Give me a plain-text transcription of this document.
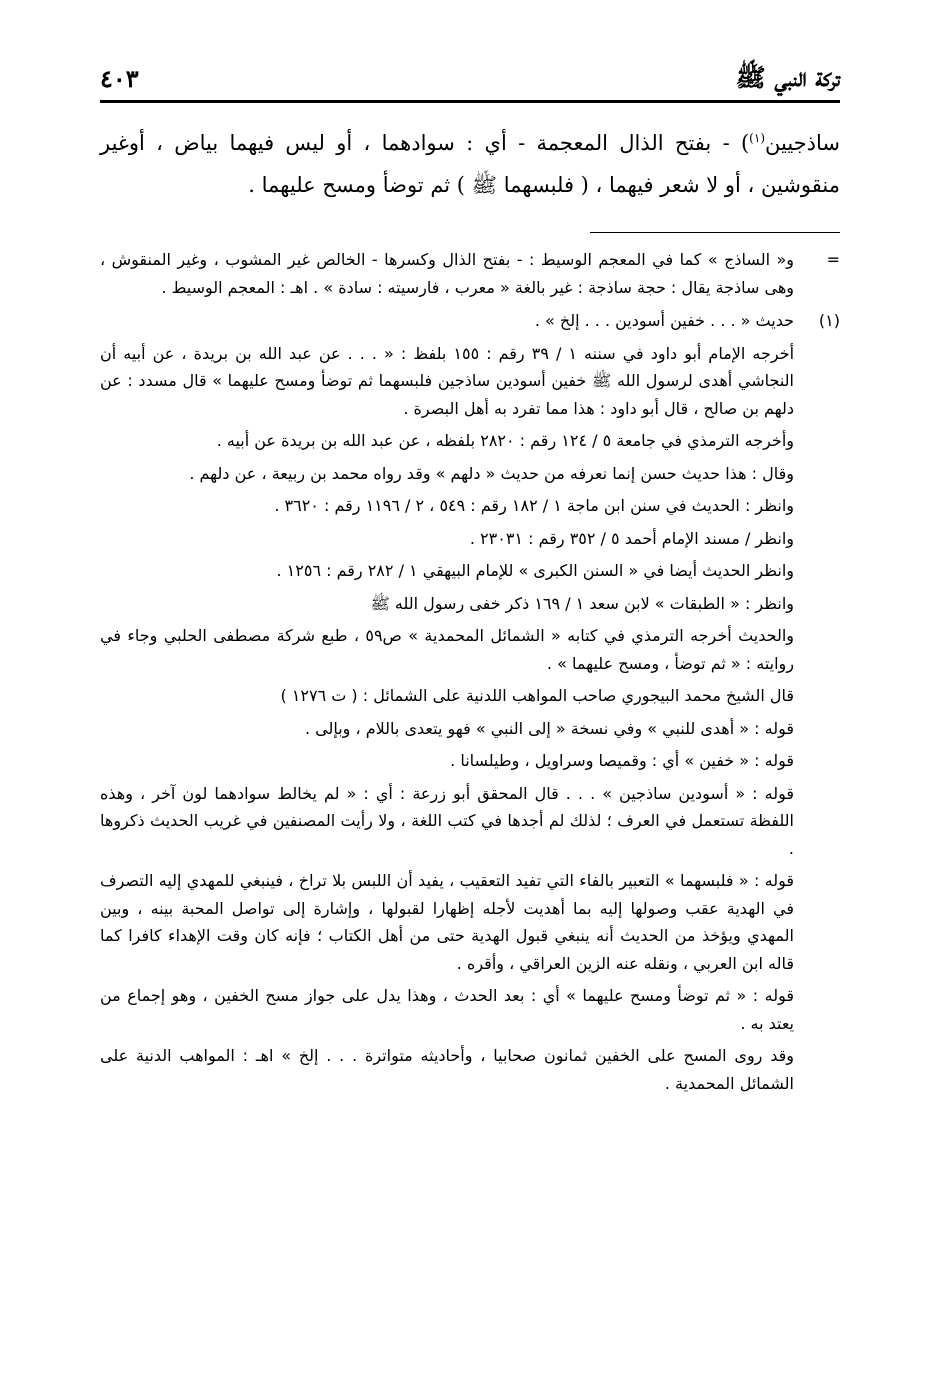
تركة النبي ﷺ
٤٠٣

ساذجيين$^{(١)}$) - بفتح الذال المعجمة - أي : سوادهما ، أو ليس فيهما بياض ، أوغير منقوشين ، أو لا شعر فيهما ، ( فلبسهما ﷺ ) ثم توضأ ومسح عليهما .

=

و« الساذج » كما في المعجم الوسيط : - بفتح الذال وكسرها - الخالص غير المشوب ، وغير المنقوش ، وهى ساذجة يقال : حجة ساذجة : غير بالغة « معرب ، فارسيته : سادة » . اهـ : المعجم الوسيط .

(١)

حديث « . . . خفين أسودين . . . إلخ » .

أخرجه الإمام أبو داود في سننه ١ / ٣٩ رقم : ١٥٥ بلفظ : « . . . عن عبد الله بن بريدة ، عن أبيه أن النجاشي أهدى لرسول الله ﷺ خفين أسودين ساذجين فلبسهما ثم توضأ ومسح عليهما » قال مسدد : عن دلهم بن صالح ، قال أبو داود : هذا مما تفرد به أهل البصرة .

وأخرجه الترمذي في جامعة ٥ / ١٢٤ رقم : ٢٨٢٠ بلفظه ، عن عبد الله بن بريدة عن أبيه .

وقال : هذا حديث حسن إنما نعرفه من حديث « دلهم » وقد رواه محمد بن ربيعة ، عن دلهم .

وانظر : الحديث في سنن ابن ماجة ١ / ١٨٢ رقم : ٥٤٩ ، ٢ / ١١٩٦ رقم : ٣٦٢٠ .

وانظر / مسند الإمام أحمد ٥ / ٣٥٢ رقم : ٢٣٠٣١ .

وانظر الحديث أيضا في « السنن الكبرى » للإمام البيهقي ١ / ٢٨٢ رقم : ١٢٥٦ .

وانظر : « الطبقات » لابن سعد ١ / ١٦٩ ذكر خفى رسول الله ﷺ

والحديث أخرجه الترمذي في كتابه « الشمائل المحمدية » ص٥٩ ، طبع شركة مصطفى الحلبي وجاء في روايته : « ثم توضأ ، ومسح عليهما » .

قال الشيخ محمد البيجوري صاحب المواهب اللدنية على الشمائل : ( ت ١٢٧٦ )

قوله : « أهدى للنبي » وفي نسخة « إلى النبي » فهو يتعدى باللام ، وبإلى .

قوله : « خفين » أي : وقميصا وسراويل ، وطيلسانا .

قوله : « أسودين ساذجين » . . . قال المحقق أبو زرعة : أي : « لم يخالط سوادهما لون آخر ، وهذه اللفظة تستعمل في العرف ؛ لذلك لم أجدها في كتب اللغة ، ولا رأيت المصنفين في غريب الحديث ذكروها .

قوله : « فلبسهما » التعبير بالفاء التي تفيد التعقيب ، يفيد أن اللبس بلا تراخ ، فينبغي للمهدي إليه التصرف في الهدية عقب وصولها إليه بما أهديت لأجله إظهارا لقبولها ، وإشارة إلى تواصل المحبة بينه ، وبين المهدي ويؤخذ من الحديث أنه ينبغي قبول الهدية حتى من أهل الكتاب ؛ فإنه كان وقت الإهداء كافرا كما قاله ابن العربي ، ونقله عنه الزين العراقي ، وأقره .

قوله : « ثم توضأ ومسح عليهما » أي : بعد الحدث ، وهذا يدل على جواز مسح الخفين ، وهو إجماع من يعتد به .

وقد روى المسح على الخفين ثمانون صحابيا ، وأحاديثه متواترة . . . إلخ » اهـ : المواهب الدنية على الشمائل المحمدية .
